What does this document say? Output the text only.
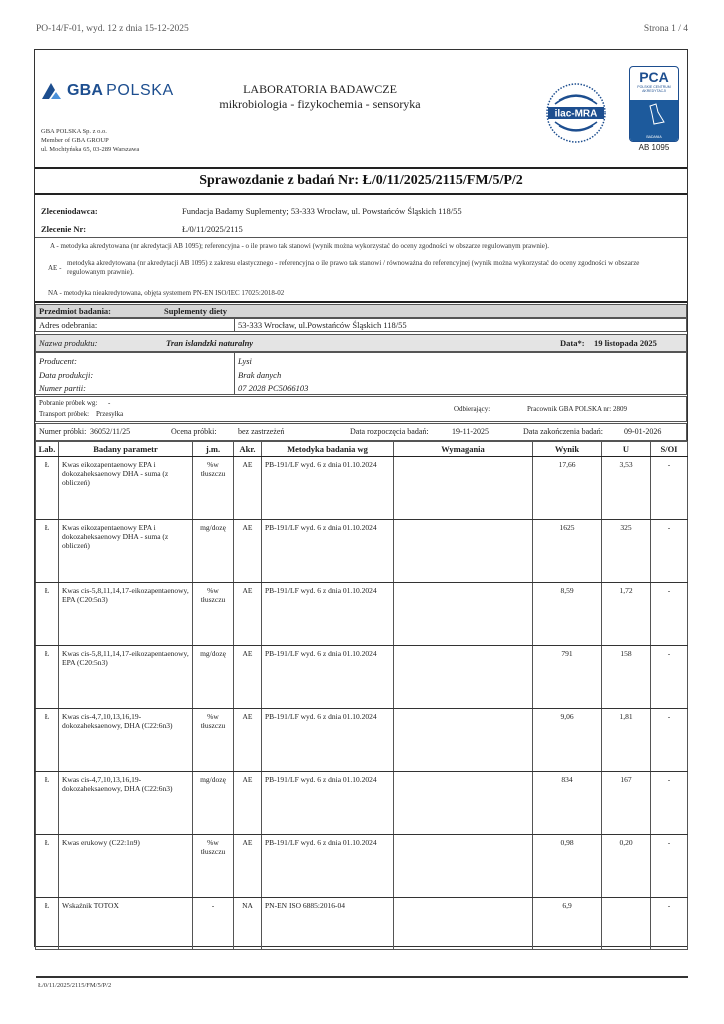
PO-14/F-01, wyd. 12 z dnia 15-12-2025	Strona 1 / 4
GBA POLSKA
GBA POLSKA Sp. z o.o.
Member of GBA GROUP
ul. Mochtyńska 65, 03-289 Warszawa
LABORATORIA BADAWCZE
mikrobiologia - fizykochemia - sensoryka
ilac-MRA
PCA
POLSKIE CENTRUM
AKREDYTACJI
BADANIA
AB 1095
Sprawozdanie z badań Nr: Ł/0/11/2025/2115/FM/5/P/2
Zleceniodawca:	Fundacja Badamy Suplementy; 53-333 Wrocław, ul. Powstańców Śląskich 118/55
Zlecenie Nr:	Ł/0/11/2025/2115
A - metodyka akredytowana (nr akredytacji AB 1095); referencyjna - o ile prawo tak stanowi (wynik można wykorzystać do oceny zgodności w obszarze regulowanym prawnie).
AE -
metodyka akredytowana (nr akredytacji AB 1095) z zakresu elastycznego - referencyjna o ile prawo tak stanowi / równoważna do referencyjnej (wynik można wykorzystać do oceny zgodności w obszarze regulowanym prawnie).
NA - metodyka nieakredytowana, objęta systemem PN-EN ISO/IEC 17025:2018-02
Przedmiot badania:	Suplementy diety
Adres odebrania:	53-333 Wrocław, ul.Powstańców Śląskich 118/55
Nazwa produktu:	Tran islandzki naturalny	Data*: 19 listopada 2025
Producent:	Lysi
Data produkcji:	Brak danych
Numer partii:	07 2028 PC5066103
Pobranie próbek wg: -
Transport próbek: Przesyłka
Odbierający:	Pracownik GBA POLSKA nr: 2809
Numer próbki: 36052/11/25	Ocena próbki:	bez zastrzeżeń	Data rozpoczęcia badań:	19-11-2025	Data zakończenia badań:	09-01-2026
Lab.	Badany parametr	j.m.	Akr.	Metodyka badania wg	Wymagania	Wynik	U	S/OI
Ł	Kwas eikozapentaenowy EPA i dokozaheksaenowy DHA - suma (z obliczeń)	%w tłuszczu	AE	PB-191/LF wyd. 6 z dnia 01.10.2024		17,66	3,53	-
Ł	Kwas eikozapentaenowy EPA i dokozaheksaenowy DHA - suma (z obliczeń)	mg/dozę	AE	PB-191/LF wyd. 6 z dnia 01.10.2024		1625	325	-
Ł	Kwas cis-5,8,11,14,17-eikozapentaenowy, EPA (C20:5n3)	%w tłuszczu	AE	PB-191/LF wyd. 6 z dnia 01.10.2024		8,59	1,72	-
Ł	Kwas cis-5,8,11,14,17-eikozapentaenowy, EPA (C20:5n3)	mg/dozę	AE	PB-191/LF wyd. 6 z dnia 01.10.2024		791	158	-
Ł	Kwas cis-4,7,10,13,16,19-dokozaheksaenowy, DHA (C22:6n3)	%w tłuszczu	AE	PB-191/LF wyd. 6 z dnia 01.10.2024		9,06	1,81	-
Ł	Kwas cis-4,7,10,13,16,19-dokozaheksaenowy, DHA (C22:6n3)	mg/dozę	AE	PB-191/LF wyd. 6 z dnia 01.10.2024		834	167	-
Ł	Kwas erukowy (C22:1n9)	%w tłuszczu	AE	PB-191/LF wyd. 6 z dnia 01.10.2024		0,98	0,20	-
Ł	Wskaźnik TOTOX	-	NA	PN-EN ISO 6885:2016-04		6,9		-
Ł/0/11/2025/2115/FM/5/P/2
